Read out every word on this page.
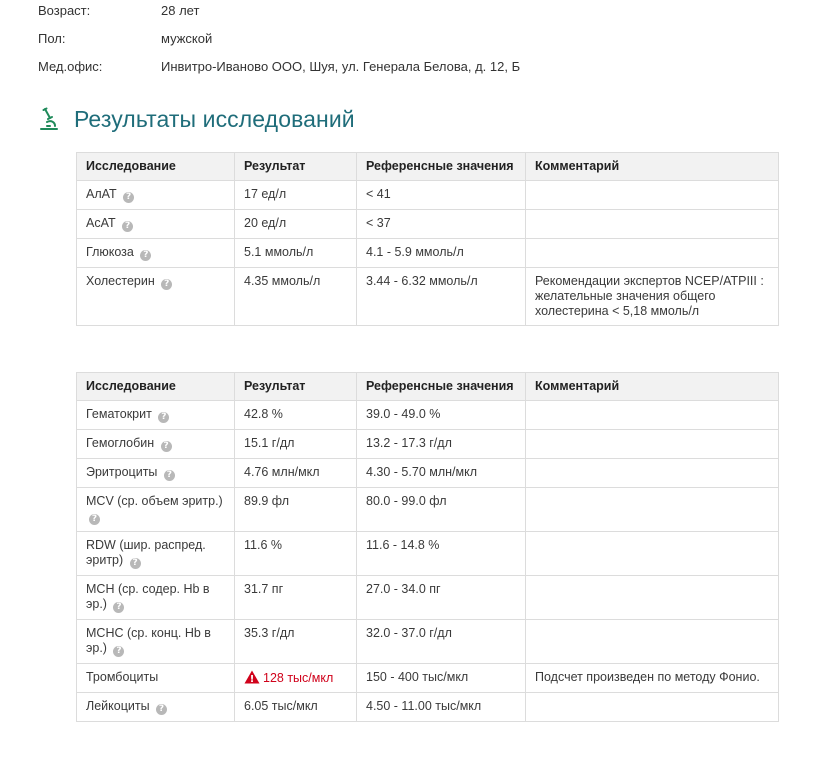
Возраст:	28 лет
Пол:	мужской
Мед.офис:	Инвитро-Иваново ООО, Шуя, ул. Генерала Белова, д. 12, Б
Результаты исследований
Исследование	Результат	Референсные значения	Комментарий
АлАТ ?	17 ед/л	< 41	
АсАТ ?	20 ед/л	< 37	
Глюкоза ?	5.1 ммоль/л	4.1 - 5.9 ммоль/л	
Холестерин ?	4.35 ммоль/л	3.44 - 6.32 ммоль/л	Рекомендации экспертов NCEP/ATPIII : желательные значения общего холестерина < 5,18 ммоль/л
Исследование	Результат	Референсные значения	Комментарий
Гематокрит ?	42.8 %	39.0 - 49.0 %	
Гемоглобин ?	15.1 г/дл	13.2 - 17.3 г/дл	
Эритроциты ?	4.76 млн/мкл	4.30 - 5.70 млн/мкл	
MCV (ср. объем эритр.) ?	89.9 фл	80.0 - 99.0 фл	
RDW (шир. распред. эритр) ?	11.6 %	11.6 - 14.8 %	
MCH (ср. содер. Hb в эр.) ?	31.7 пг	27.0 - 34.0 пг	
MCHC (ср. конц. Hb в эр.) ?	35.3 г/дл	32.0 - 37.0 г/дл	
Тромбоциты	! 128 тыс/мкл	150 - 400 тыс/мкл	Подсчет произведен по методу Фонио.
Лейкоциты ?	6.05 тыс/мкл	4.50 - 11.00 тыс/мкл	
